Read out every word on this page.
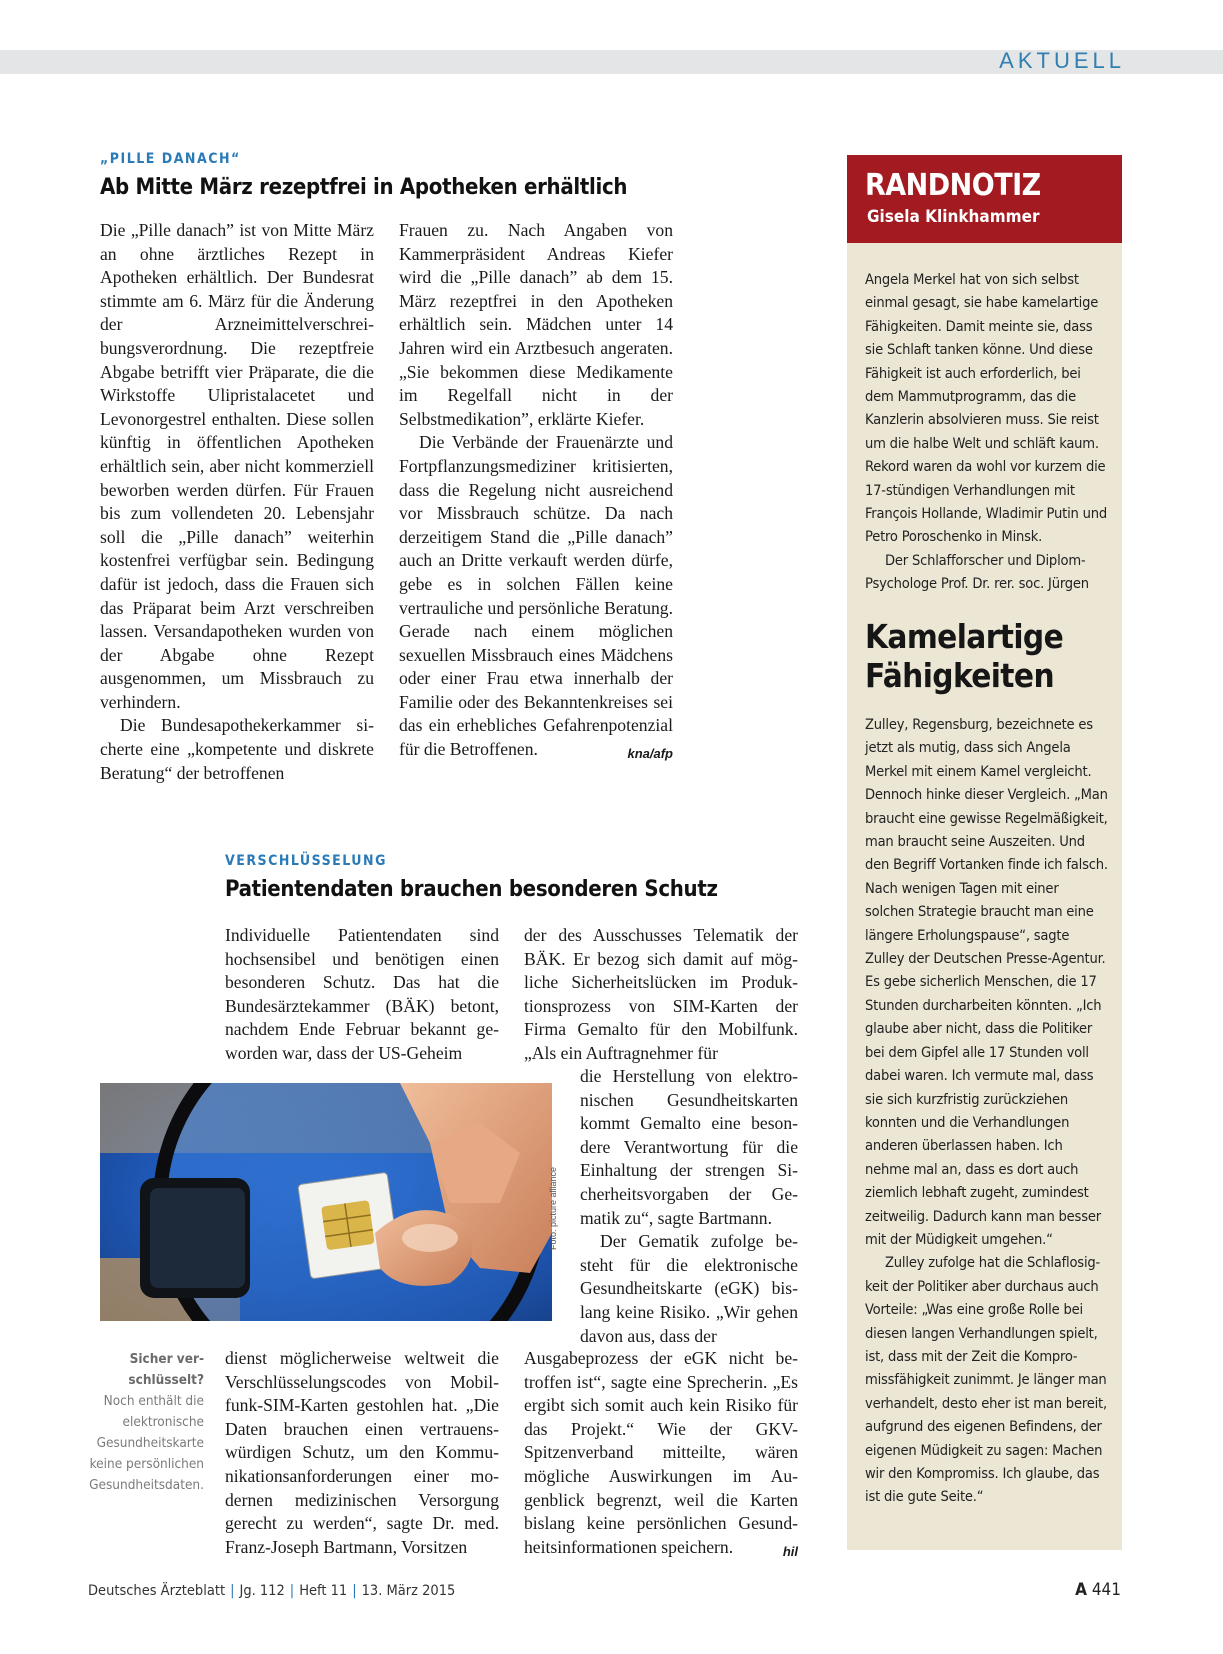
AKTUELL
„PILLE DANACH“
Ab Mitte März rezeptfrei in Apotheken erhältlich

Die „Pille danach” ist von Mitte März an ohne ärztliches Rezept in Apotheken erhältlich. Der Bundesrat stimmte am 6. März für die Änderung der Arzneimittelverschreibungsverordnung. Die rezeptfreie Abgabe betrifft vier Präparate, die die Wirkstoffe Ulipristalacetet und Levonorgestrel enthalten. Diese sollen künftig in öffentlichen Apotheken erhältlich sein, aber nicht kommerziell beworben werden dürfen. Für Frauen bis zum vollendeten 20. Lebensjahr soll die „Pille danach” weiterhin kostenfrei verfügbar sein. Bedingung dafür ist jedoch, dass die Frauen sich das Präparat beim Arzt verschreiben lassen. Versandapotheken wurden von der Abgabe ohne Rezept ausgenommen, um Missbrauch zu verhindern.

Die Bundesapothekerkammer sicherte eine „kompetente und diskrete Beratung“ der betroffenen

Frauen zu. Nach Angaben von Kammerpräsident Andreas Kiefer wird die „Pille danach” ab dem 15. März rezeptfrei in den Apotheken erhältlich sein. Mädchen unter 14 Jahren wird ein Arztbesuch angeraten. „Sie bekommen diese Medikamente im Regelfall nicht in der Selbstmedikation”, erklärte Kiefer.

Die Verbände der Frauenärzte und Fortpflanzungsmediziner kritisierten, dass die Regelung nicht ausreichend vor Missbrauch schütze. Da nach derzeitigem Stand die „Pille danach” auch an Dritte verkauft werden dürfe, gebe es in solchen Fällen keine vertrauliche und persönliche Beratung. Gerade nach einem möglichen sexuellen Missbrauch eines Mädchens oder einer Frau etwa innerhalb der Familie oder des Bekanntenkreises sei das ein erhebliches Gefahrenpotenzial für die Betroffenen.	kna/afp

VERSCHLÜSSELUNG
Patientendaten brauchen besonderen Schutz

Individuelle Patientendaten sind hochsensibel und benötigen einen besonderen Schutz. Das hat die Bundesärztekammer (BÄK) betont, nachdem Ende Februar bekannt geworden war, dass der US-Geheim

der des Ausschusses Telematik der BÄK. Er bezog sich damit auf mögliche Sicherheitslücken im Produktionsprozess von SIM-Karten der Firma Gemalto für den Mobilfunk. „Als ein Auftragnehmer für

die Herstellung von elektronischen Gesundheitskarten kommt Gemalto eine besondere Verantwortung für die Einhaltung der strengen Sicherheitsvorgaben der Gematik zu“, sagte Bartmann.

Der Gematik zufolge besteht für die elektronische Gesundheitskarte (eGK) bislang keine Risiko. „Wir gehen davon aus, dass der

Foto: picture alliance
Sicher verschlüsselt?
Noch enthält die elektronische Gesundheitskarte keine persönlichen Gesundheitsdaten.

dienst möglicherweise weltweit die Verschlüsselungscodes von Mobilfunk-SIM-Karten gestohlen hat. „Die Daten brauchen einen vertrauenswürdigen Schutz, um den Kommunikationsanforderungen einer modernen medizinischen Versorgung gerecht zu werden“, sagte Dr. med. Franz-Joseph Bartmann, Vorsitzen

Ausgabeprozess der eGK nicht betroffen ist“, sagte eine Sprecherin. „Es ergibt sich somit auch kein Risiko für das Projekt.“ Wie der GKV-Spitzenverband mitteilte, wären mögliche Auswirkungen im Augenblick begrenzt, weil die Karten bislang keine persönlichen Gesundheitsinformationen speichern.	hil

RANDNOTIZ
Gisela Klinkhammer

Angela Merkel hat von sich selbst einmal gesagt, sie habe kamelartige Fähigkeiten. Damit meinte sie, dass sie Schlaft tanken könne. Und diese Fähigkeit ist auch erforderlich, bei dem Mammutprogramm, das die Kanzlerin absolvieren muss. Sie reist um die halbe Welt und schläft kaum. Rekord waren da wohl vor kurzem die 17-stündigen Verhandlungen mit François Hollande, Wladimir Putin und Petro Poroschenko in Minsk.

Der Schlafforscher und Diplom-Psychologe Prof. Dr. rer. soc. Jürgen

Kamelartige Fähigkeiten

Zulley, Regensburg, bezeichnete es jetzt als mutig, dass sich Angela Merkel mit einem Kamel vergleicht. Dennoch hinke dieser Vergleich. „Man braucht eine gewisse Regelmäßigkeit, man braucht seine Auszeiten. Und den Begriff Vortanken finde ich falsch. Nach wenigen Tagen mit einer solchen Strategie braucht man eine längere Erholungspause“, sagte Zulley der Deutschen Presse-Agentur. Es gebe sicherlich Menschen, die 17 Stunden durcharbeiten könnten. „Ich glaube aber nicht, dass die Politiker bei dem Gipfel alle 17 Stunden voll dabei waren. Ich vermute mal, dass sie sich kurzfristig zurückziehen konnten und die Verhandlungen anderen überlassen haben. Ich nehme mal an, dass es dort auch ziemlich lebhaft zugeht, zumindest zeitweilig. Dadurch kann man besser mit der Müdigkeit umgehen.“

Zulley zufolge hat die Schlaflosigkeit der Politiker aber durchaus auch Vorteile: „Was eine große Rolle bei diesen langen Verhandlungen spielt, ist, dass mit der Zeit die Kompromissfähigkeit zunimmt. Je länger man verhandelt, desto eher ist man bereit, aufgrund des eigenen Befindens, der eigenen Müdigkeit zu sagen: Machen wir den Kompromiss. Ich glaube, das ist die gute Seite.“

Deutsches Ärzteblatt | Jg. 112 | Heft 11 | 13. März 2015	A 441
